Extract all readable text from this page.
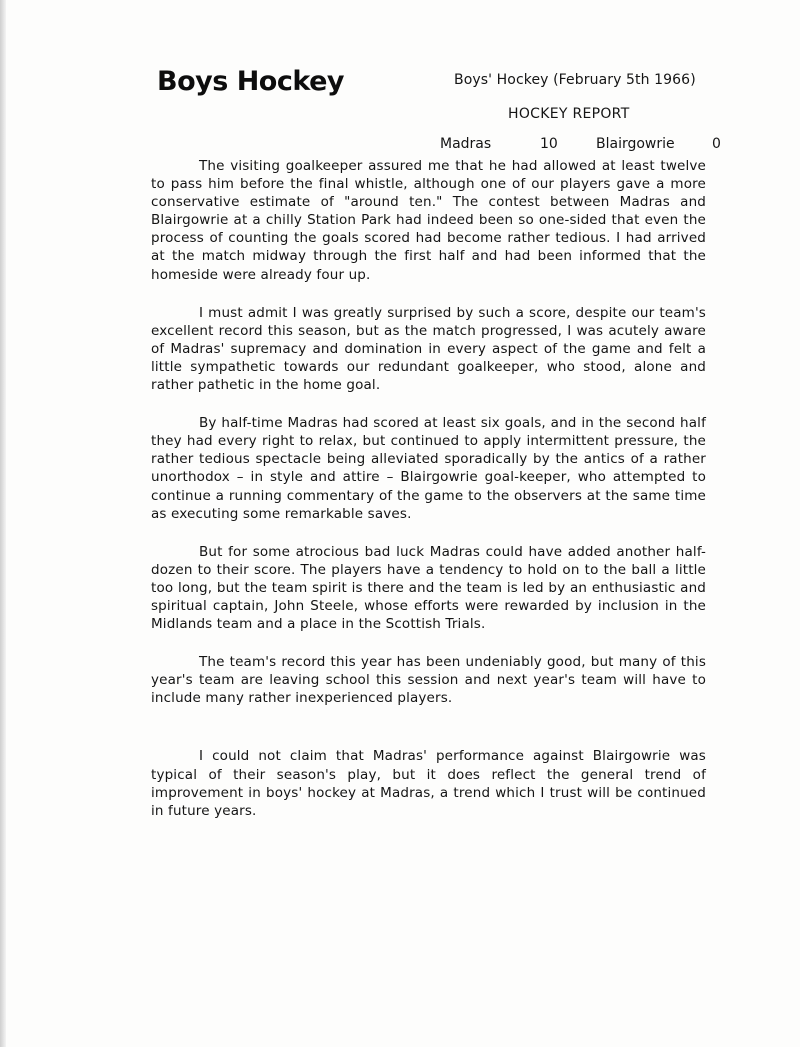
Boys Hockey	Boys' Hockey (February 5th 1966)
HOCKEY REPORT
Madras	10	Blairgowrie	0

The visiting goalkeeper assured me that he had allowed at least twelve to pass him before the final whistle, although one of our players gave a more conservative estimate of "around ten." The contest between Madras and Blairgowrie at a chilly Station Park had indeed been so one-sided that even the process of counting the goals scored had become rather tedious. I had arrived at the match midway through the first half and had been informed that the homeside were already four up.

I must admit I was greatly surprised by such a score, despite our team's excellent record this season, but as the match progressed, I was acutely aware of Madras' supremacy and domination in every aspect of the game and felt a little sympathetic towards our redundant goalkeeper, who stood, alone and rather pathetic in the home goal.

By half-time Madras had scored at least six goals, and in the second half they had every right to relax, but continued to apply intermittent pressure, the rather tedious spectacle being alleviated sporadically by the antics of a rather unorthodox – in style and attire – Blairgowrie goal-keeper, who attempted to continue a running commentary of the game to the observers at the same time as executing some remarkable saves.

But for some atrocious bad luck Madras could have added another half-dozen to their score. The players have a tendency to hold on to the ball a little too long, but the team spirit is there and the team is led by an enthusiastic and spiritual captain, John Steele, whose efforts were rewarded by inclusion in the Midlands team and a place in the Scottish Trials.

The team's record this year has been undeniably good, but many of this year's team are leaving school this session and next year's team will have to include many rather inexperienced players.

I could not claim that Madras' performance against Blairgowrie was typical of their season's play, but it does reflect the general trend of improvement in boys' hockey at Madras, a trend which I trust will be continued in future years.
